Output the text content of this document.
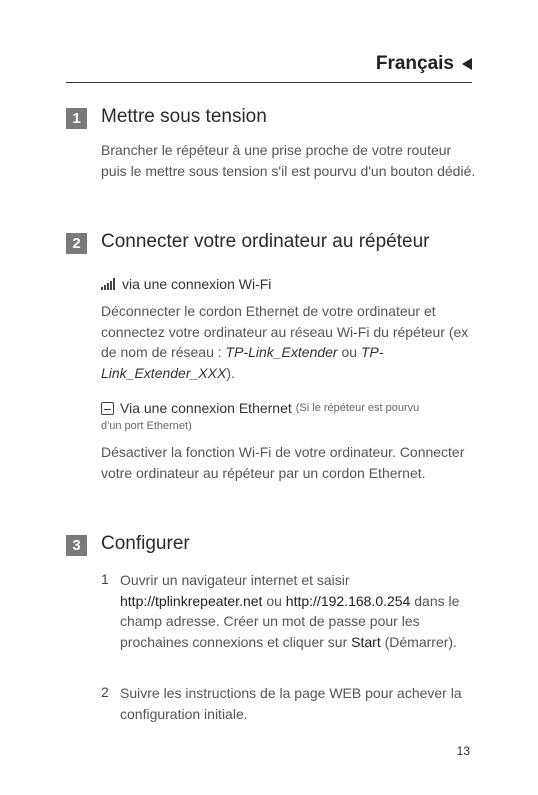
Français
1	Mettre sous tension
Brancher le répéteur à une prise proche de votre routeur puis le mettre sous tension s'il est pourvu d'un bouton dédié.
2	Connecter votre ordinateur au répéteur
via une connexion Wi-Fi
Déconnecter le cordon Ethernet de votre ordinateur et connectez votre ordinateur au réseau Wi-Fi du répéteur (ex de nom de réseau : TP-Link_Extender ou TP-Link_Extender_XXX).
Via une connexion Ethernet (Si le répéteur est pourvu
d'un port Ethernet)
Désactiver la fonction Wi-Fi de votre ordinateur. Connecter votre ordinateur au répéteur par un cordon Ethernet.
3	Configurer
1 Ouvrir un navigateur internet et saisir
http://tplinkrepeater.net ou http://192.168.0.254 dans le champ adresse. Créer un mot de passe pour les prochaines connexions et cliquer sur Start (Démarrer).
2 Suivre les instructions de la page WEB pour achever la configuration initiale.
13
